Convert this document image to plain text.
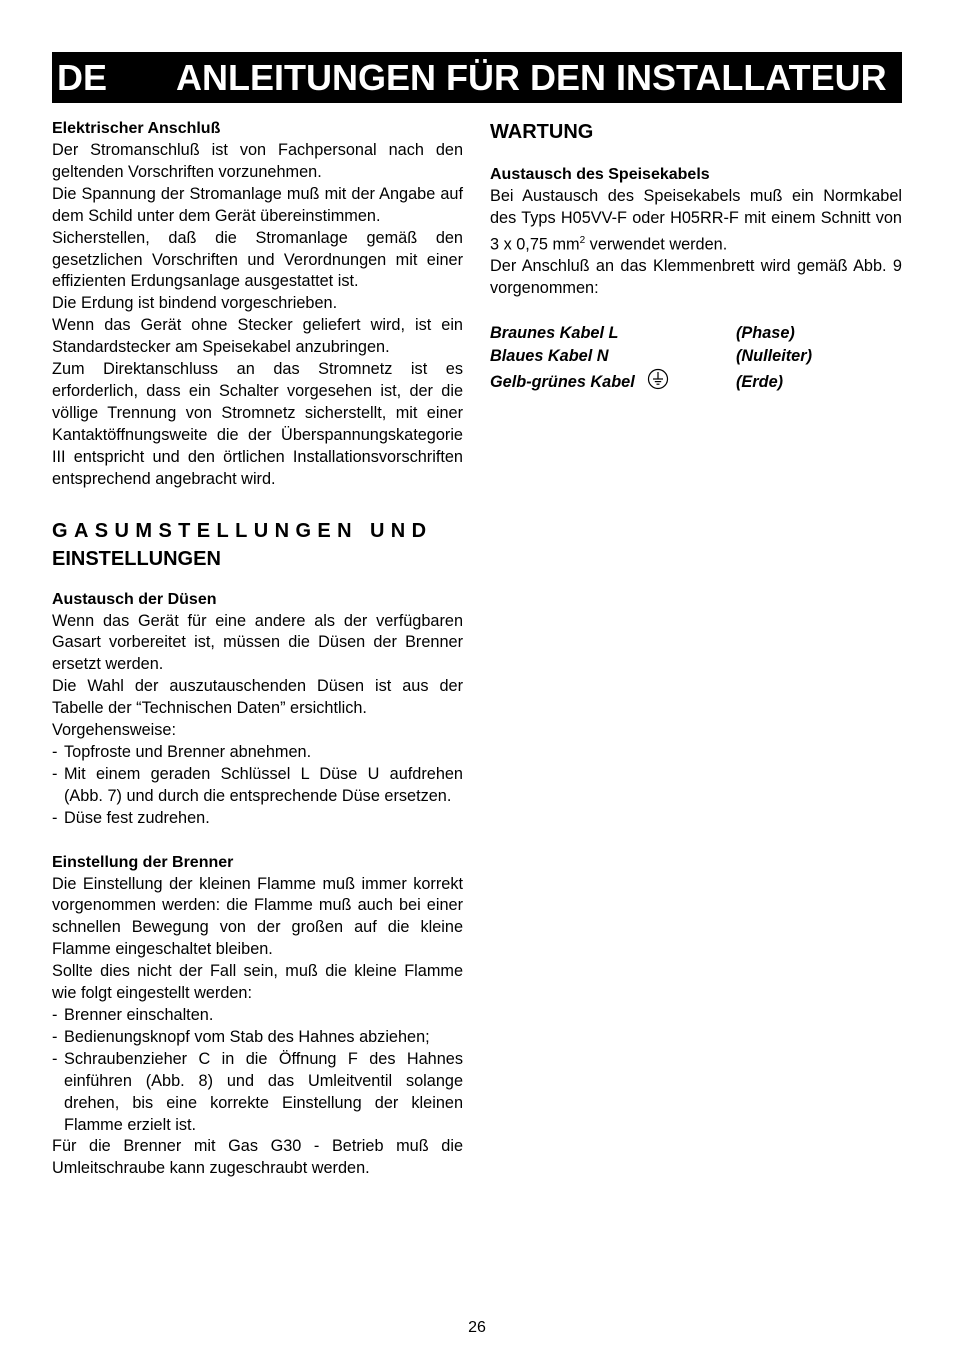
DE ANLEITUNGEN FÜR DEN INSTALLATEUR

Elektrischer Anschluß

Der Stromanschluß ist von Fachpersonal nach den geltenden Vorschriften vorzunehmen.

Die Spannung der Stromanlage muß mit der Angabe auf dem Schild unter dem Gerät übereinstimmen.

Sicherstellen, daß die Stromanlage gemäß den gesetzlichen Vorschriften und Verordnungen mit einer effizienten Erdungsanlage ausgestattet ist.

Die Erdung ist bindend vorgeschrieben.

Wenn das Gerät ohne Stecker geliefert wird, ist ein Standardstecker am Speisekabel anzubringen.

Zum Direktanschluss an das Stromnetz ist es erforderlich, dass ein Schalter vorgesehen ist, der die völlige Trennung von Stromnetz sicherstellt, mit einer Kantaktöffnungsweite die der Überspannungskategorie III entspricht und den örtlichen Installationsvorschriften entsprechend angebracht wird.

GASUMSTELLUNGEN UND

EINSTELLUNGEN

Austausch der Düsen

Wenn das Gerät für eine andere als der verfügbaren Gasart vorbereitet ist, müssen die Düsen der Brenner ersetzt werden.

Die Wahl der auszutauschenden Düsen ist aus der Tabelle der “Technischen Daten” ersichtlich.

Vorgehensweise:

- Topfroste und Brenner abnehmen.
- Mit einem geraden Schlüssel L Düse U aufdrehen (Abb. 7) und durch die entsprechende Düse ersetzen.
- Düse fest zudrehen.

Einstellung der Brenner

Die Einstellung der kleinen Flamme muß immer korrekt vorgenommen werden: die Flamme muß auch bei einer schnellen Bewegung von der großen auf die kleine Flamme eingeschaltet bleiben.

Sollte dies nicht der Fall sein, muß die kleine Flamme wie folgt eingestellt werden:

- Brenner einschalten.
- Bedienungsknopf vom Stab des Hahnes abziehen;
- Schraubenzieher C in die Öffnung F des Hahnes einführen (Abb. 8) und das Umleitventil solange drehen, bis eine korrekte Einstellung der kleinen Flamme erzielt ist.

Für die Brenner mit Gas G30 - Betrieb muß die Umleitschraube kann zugeschraubt werden.

WARTUNG

Austausch des Speisekabels

Bei Austausch des Speisekabels muß ein Normkabel des Typs H05VV-F oder H05RR-F mit einem Schnitt von 3 x 0,75 $mm^2$ verwendet werden.

Der Anschluß an das Klemmenbrett wird gemäß Abb. 9 vorgenommen:

Braunes Kabel L	(Phase)
Blaues Kabel N	(Nulleiter)
Gelb-grünes Kabel	(Erde)
26
